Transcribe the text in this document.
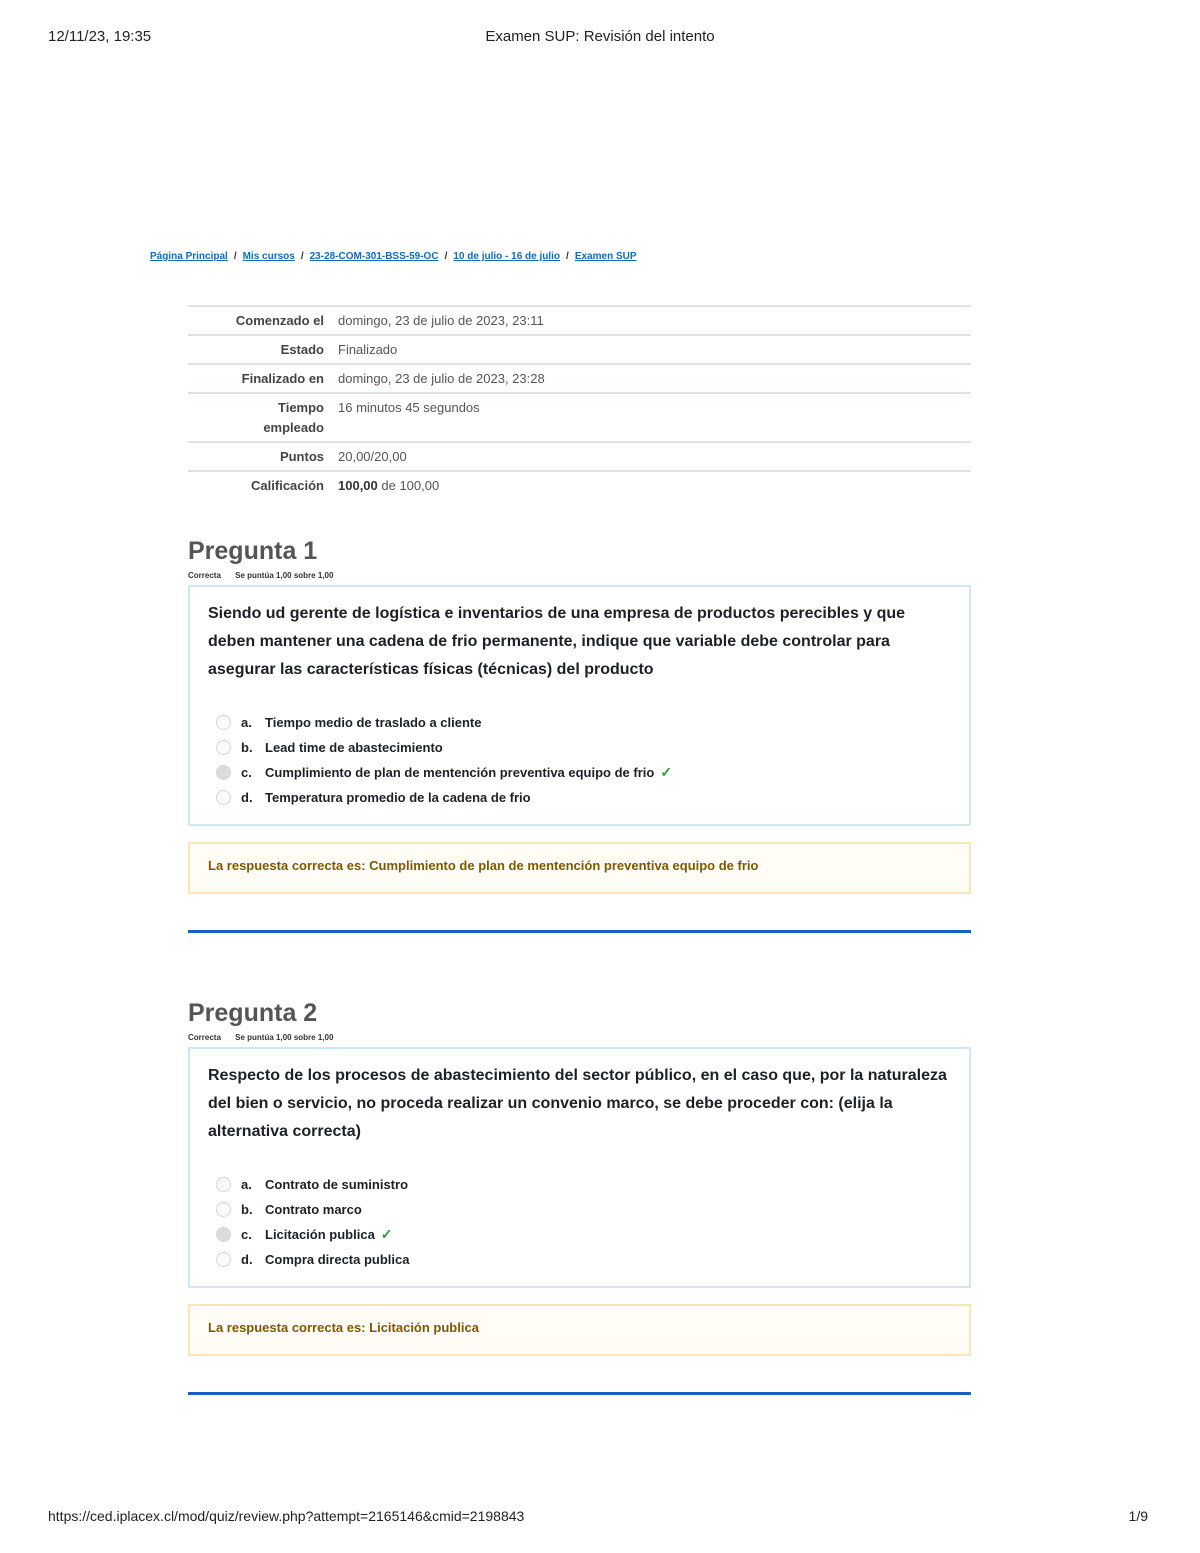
12/11/23, 19:35	Examen SUP: Revisión del intento
Página Principal / Mis cursos / 23-28-COM-301-BSS-59-OC / 10 de julio - 16 de julio / Examen SUP
Comenzado el	domingo, 23 de julio de 2023, 23:11
Estado	Finalizado
Finalizado en	domingo, 23 de julio de 2023, 23:28
Tiempo
empleado	16 minutos 45 segundos
Puntos	20,00/20,00
Calificación	100,00 de 100,00
Pregunta 1
Correcta Se puntúa 1,00 sobre 1,00
Siendo ud gerente de logística e inventarios de una empresa de productos perecibles y que deben mantener una cadena de frio permanente, indique que variable debe controlar para asegurar las características físicas (técnicas) del producto
a.	Tiempo medio de traslado a cliente
b. Lead time de abastecimiento
c.	Cumplimiento de plan de mentención preventiva equipo de frio ✓
d. Temperatura promedio de la cadena de frio
La respuesta correcta es: Cumplimiento de plan de mentención preventiva equipo de frio
Pregunta 2
Correcta Se puntúa 1,00 sobre 1,00
Respecto de los procesos de abastecimiento del sector público, en el caso que, por la naturaleza del bien o servicio, no proceda realizar un convenio marco, se debe proceder con: (elija la alternativa correcta)
a.	Contrato de suministro
b. Contrato marco
c.	Licitación publica ✓
d. Compra directa publica
La respuesta correcta es: Licitación publica
https://ced.iplacex.cl/mod/quiz/review.php?attempt=2165146&cmid=2198843	1/9
